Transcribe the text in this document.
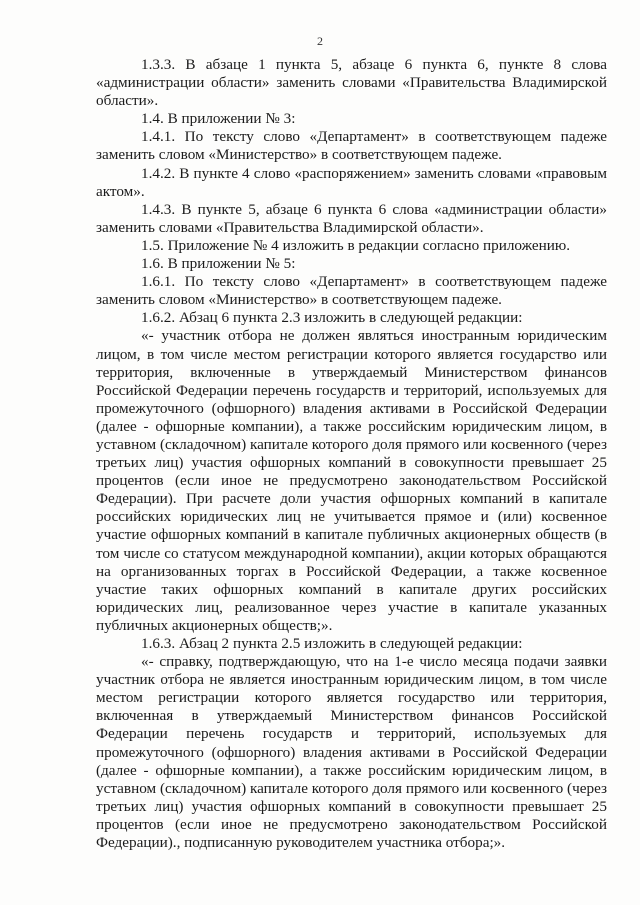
2

1.3.3. В абзаце 1 пункта 5, абзаце 6 пункта 6, пункте 8 слова «администрации области» заменить словами «Правительства Владимирской области».

1.4. В приложении № 3:

1.4.1. По тексту слово «Департамент» в соответствующем падеже заменить словом «Министерство» в соответствующем падеже.

1.4.2. В пункте 4 слово «распоряжением» заменить словами «правовым актом».

1.4.3. В пункте 5, абзаце 6 пункта 6 слова «администрации области» заменить словами «Правительства Владимирской области».

1.5. Приложение № 4 изложить в редакции согласно приложению.

1.6. В приложении № 5:

1.6.1. По тексту слово «Департамент» в соответствующем падеже заменить словом «Министерство» в соответствующем падеже.

1.6.2. Абзац 6 пункта 2.3 изложить в следующей редакции:

«- участник отбора не должен являться иностранным юридическим лицом, в том числе местом регистрации которого является государство или территория, включенные в утверждаемый Министерством финансов Российской Федерации перечень государств и территорий, используемых для промежуточного (офшорного) владения активами в Российской Федерации (далее - офшорные компании), а также российским юридическим лицом, в уставном (складочном) капитале которого доля прямого или косвенного (через третьих лиц) участия офшорных компаний в совокупности превышает 25 процентов (если иное не предусмотрено законодательством Российской Федерации). При расчете доли участия офшорных компаний в капитале российских юридических лиц не учитывается прямое и (или) косвенное участие офшорных компаний в капитале публичных акционерных обществ (в том числе со статусом международной компании), акции которых обращаются на организованных торгах в Российской Федерации, а также косвенное участие таких офшорных компаний в капитале других российских юридических лиц, реализованное через участие в капитале указанных публичных акционерных обществ;».

1.6.3. Абзац 2 пункта 2.5 изложить в следующей редакции:

«- справку, подтверждающую, что на 1-е число месяца подачи заявки участник отбора не является иностранным юридическим лицом, в том числе местом регистрации которого является государство или территория, включенная в утверждаемый Министерством финансов Российской Федерации перечень государств и территорий, используемых для промежуточного (офшорного) владения активами в Российской Федерации (далее - офшорные компании), а также российским юридическим лицом, в уставном (складочном) капитале которого доля прямого или косвенного (через третьих лиц) участия офшорных компаний в совокупности превышает 25 процентов (если иное не предусмотрено законодательством Российской Федерации)., подписанную руководителем участника отбора;».
